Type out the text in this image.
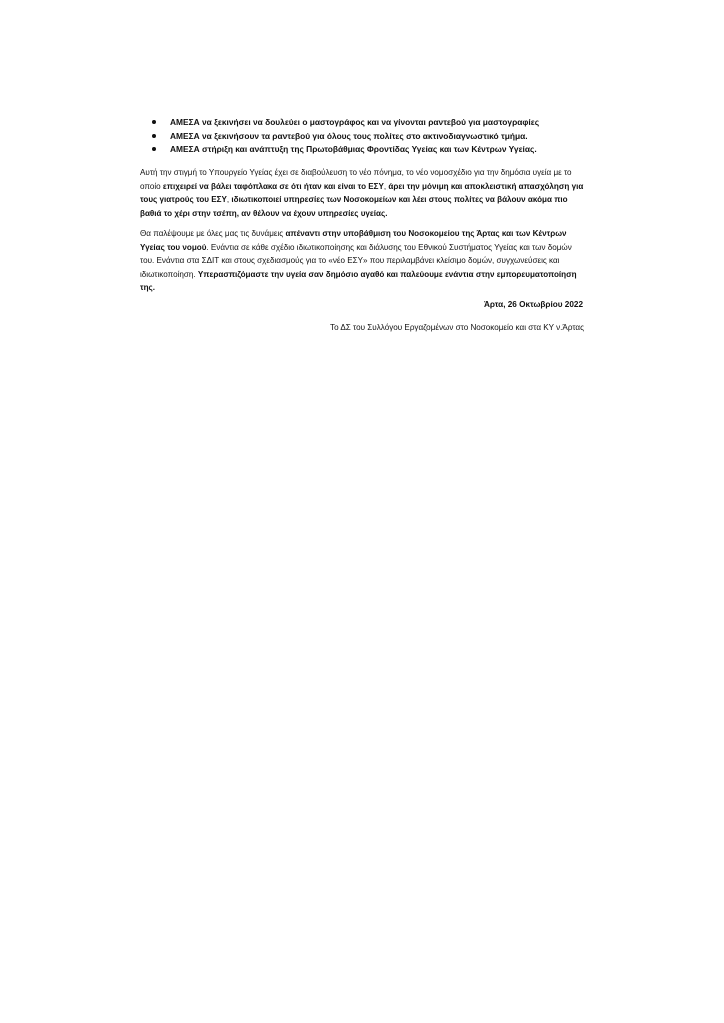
ΑΜΕΣΑ να ξεκινήσει να δουλεύει ο μαστογράφος και να γίνονται ραντεβού για μαστογραφίες
ΑΜΕΣΑ να ξεκινήσουν τα ραντεβού για όλους τους πολίτες στο ακτινοδιαγνωστικό τμήμα.
ΑΜΕΣΑ στήριξη και ανάπτυξη της Πρωτοβάθμιας Φροντίδας Υγείας και των Κέντρων Υγείας.

Αυτή την στιγμή το Υπουργείο Υγείας έχει σε διαβούλευση το νέο πόνημα, το νέο νομοσχέδιο για την δημόσια υγεία με το οποίο επιχειρεί να βάλει ταφόπλακα σε ότι ήταν και είναι το ΕΣΥ, άρει την μόνιμη και αποκλειστική απασχόληση για τους γιατρούς του ΕΣΥ, ιδιωτικοποιεί υπηρεσίες των Νοσοκομείων και λέει στους πολίτες να βάλουν ακόμα πιο βαθιά το χέρι στην τσέπη, αν θέλουν να έχουν υπηρεσίες υγείας.

Θα παλέψουμε με όλες μας τις δυνάμεις απέναντι στην υποβάθμιση του Νοσοκομείου της Άρτας και των Κέντρων Υγείας του νομού. Ενάντια σε κάθε σχέδιο ιδιωτικοποίησης και διάλυσης του Εθνικού Συστήματος Υγείας και των δομών του. Ενάντια στα ΣΔΙΤ και στους σχεδιασμούς για το «νέο ΕΣΥ» που περιλαμβάνει κλείσιμο δομών, συγχωνεύσεις και ιδιωτικοποίηση. Υπερασπιζόμαστε την υγεία σαν δημόσιο αγαθό και παλεύουμε ενάντια στην εμπορευματοποίηση της.

Άρτα, 26 Οκτωβρίου 2022
Το ΔΣ του Συλλόγου Εργαζομένων στο Νοσοκομείο και στα ΚΥ ν.Άρτας
